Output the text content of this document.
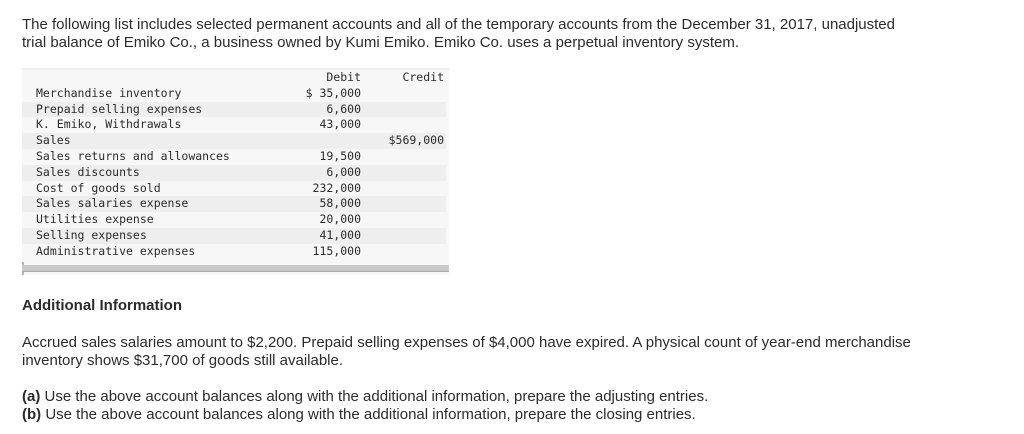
The following list includes selected permanent accounts and all of the temporary accounts from the December 31, 2017, unadjusted
trial balance of Emiko Co., a business owned by Kumi Emiko. Emiko Co. uses a perpetual inventory system.
	Debit	Credit
Merchandise inventory	$ 35,000	
Prepaid selling expenses	6,600	
K. Emiko, Withdrawals	43,000	
Sales		$569,000
Sales returns and allowances	19,500	
Sales discounts	6,000	
Cost of goods sold	232,000	
Sales salaries expense	58,000	
Utilities expense	20,000	
Selling expenses	41,000	
Administrative expenses	115,000	
Additional Information
Accrued sales salaries amount to $2,200. Prepaid selling expenses of $4,000 have expired. A physical count of year-end merchandise
inventory shows $31,700 of goods still available.
(a) Use the above account balances along with the additional information, prepare the adjusting entries.
(b) Use the above account balances along with the additional information, prepare the closing entries.
